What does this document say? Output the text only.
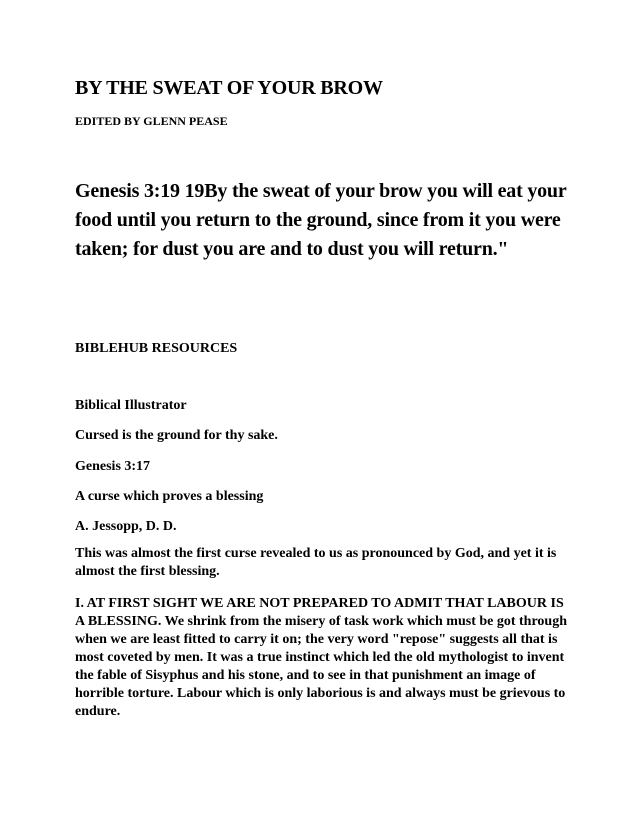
BY THE SWEAT OF YOUR BROW

EDITED BY GLENN PEASE

Genesis 3:19 19By the sweat of your brow you will eat your food until you return to the ground, since from it you were taken; for dust you are and to dust you will return."

BIBLEHUB RESOURCES

Biblical Illustrator

Cursed is the ground for thy sake.

Genesis 3:17

A curse which proves a blessing

A. Jessopp, D. D.

This was almost the first curse revealed to us as pronounced by God, and yet it is almost the first blessing.

I. AT FIRST SIGHT WE ARE NOT PREPARED TO ADMIT THAT LABOUR IS A BLESSING. We shrink from the misery of task work which must be got through when we are least fitted to carry it on; the very word "repose" suggests all that is most coveted by men. It was a true instinct which led the old mythologist to invent the fable of Sisyphus and his stone, and to see in that punishment an image of horrible torture. Labour which is only laborious is and always must be grievous to endure.
